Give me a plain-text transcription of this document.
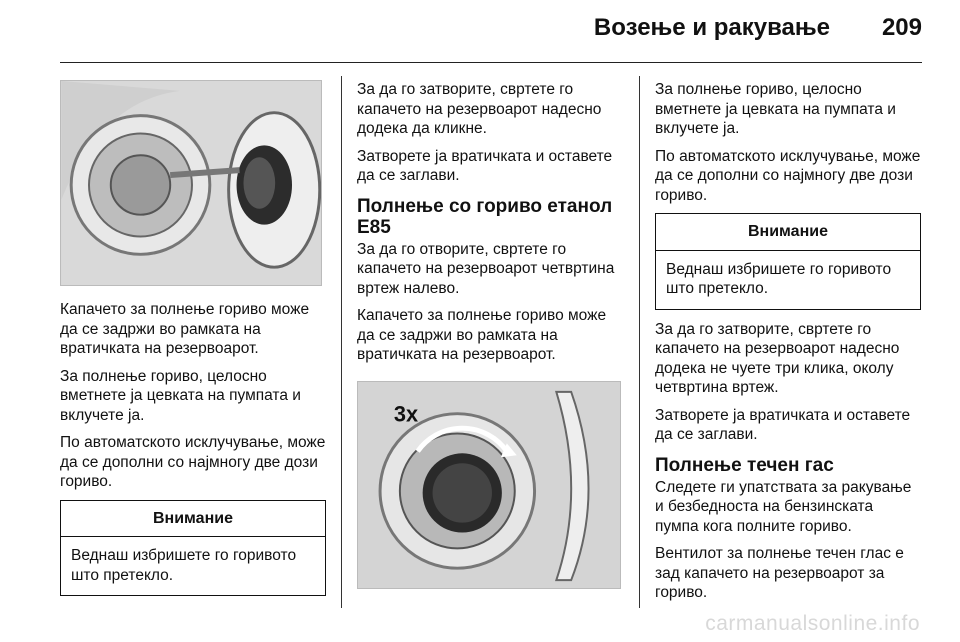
Возење и ракување 209

Капачето за полнење гориво може да се задржи во рамката на вратичката на резервоарот.

За полнење гориво, целосно вметнете ја цевката на пумпата и вклучете ја.

По автоматското исклучување, може да се дополни со најмногу две дози гориво.

Внимание
Веднаш избришете го горивото што претекло.

За да го затворите, свртете го капачето на резервоарот надесно додека да кликне.

Затворете ја вратичката и оставете да се заглави.

Полнење со гориво етанол Е85

За да го отворите, свртете го капачето на резервоарот четвртина вртеж налево.

Капачето за полнење гориво може да се задржи во рамката на вратичката на резервоарот.

3x

За полнење гориво, целосно вметнете ја цевката на пумпата и вклучете ја.

По автоматското исклучување, може да се дополни со најмногу две дози гориво.

Внимание
Веднаш избришете го горивото што претекло.

За да го затворите, свртете го капачето на резервоарот надесно додека не чуете три клика, околу четвртина вртеж.

Затворете ја вратичката и оставете да се заглави.

Полнење течен гас

Следете ги упатствата за ракување и безбедноста на бензинската пумпа кога полните гориво.

Вентилот за полнење течен глас е зад капачето на резервоарот за гориво.

carmanualsonline.info
